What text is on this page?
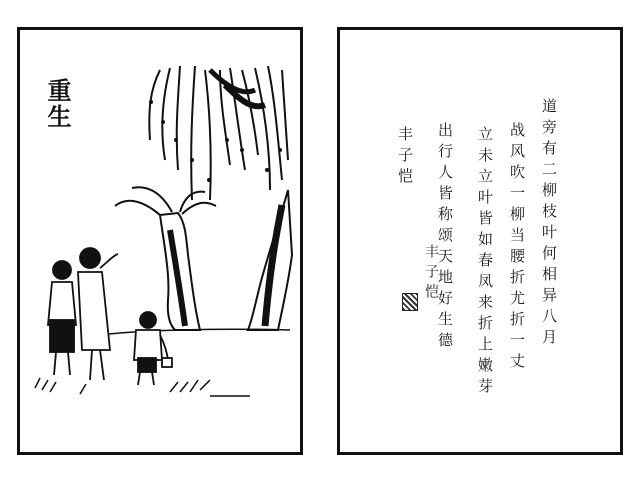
重生	道旁有二柳枝叶何相异八月
战风吹一柳当腰折尤折一丈
立未立叶皆如春凤来折上嫩芽
出行人皆称颂天地好生德
丰子恺
丰子恺
